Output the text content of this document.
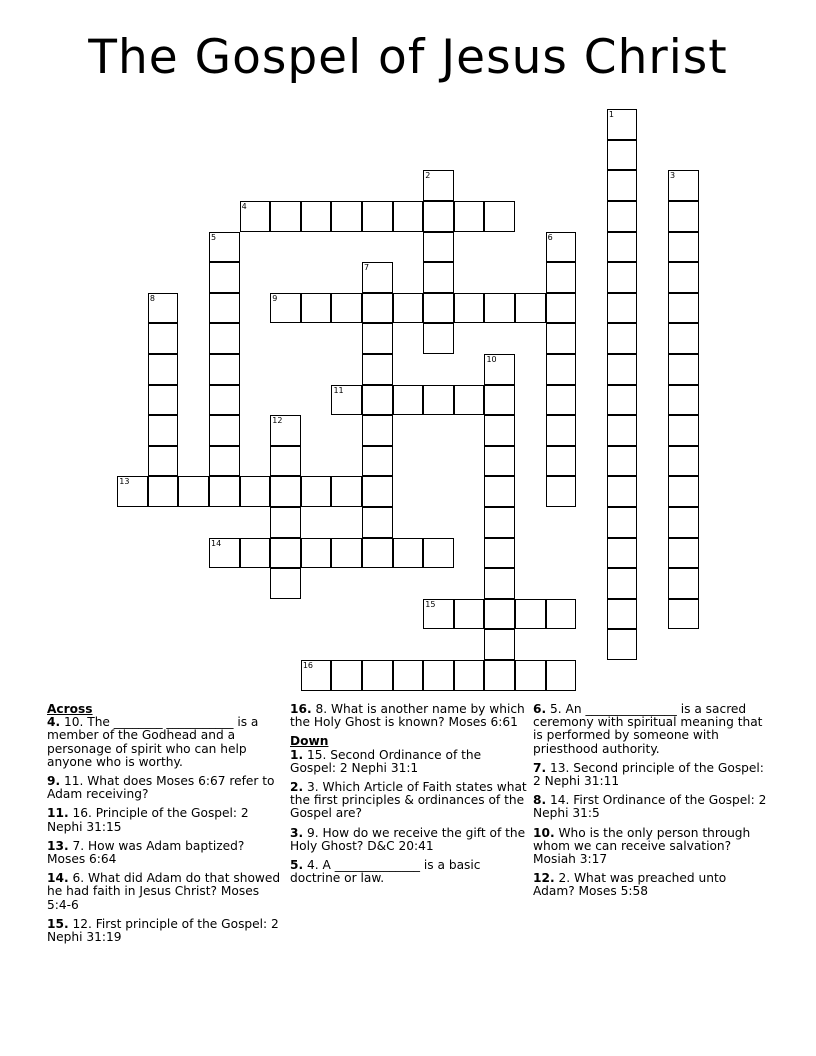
The Gospel of Jesus Christ
1
2	3
4
5	6
7
8	9
10
11
12
13
14
15
16
Across
4. 10. The ________ ___________ is a member of the Godhead and a personage of spirit who can help anyone who is worthy.
9. 11. What does Moses 6:67 refer to Adam receiving?
11. 16. Principle of the Gospel: 2 Nephi 31:15
13. 7. How was Adam baptized? Moses 6:64
14. 6. What did Adam do that showed he had faith in Jesus Christ? Moses 5:4-6
15. 12. First principle of the Gospel: 2 Nephi 31:19
16. 8. What is another name by which the Holy Ghost is known? Moses 6:61
Down
1. 15. Second Ordinance of the Gospel: 2 Nephi 31:1
2. 3. Which Article of Faith states what the first principles & ordinances of the Gospel are?
3. 9. How do we receive the gift of the Holy Ghost? D&C 20:41
5. 4. A ______________ is a basic doctrine or law.
6. 5. An _______________ is a sacred ceremony with spiritual meaning that is performed by someone with priesthood authority.
7. 13. Second principle of the Gospel: 2 Nephi 31:11
8. 14. First Ordinance of the Gospel: 2 Nephi 31:5
10. Who is the only person through whom we can receive salvation? Mosiah 3:17
12. 2. What was preached unto Adam? Moses 5:58
